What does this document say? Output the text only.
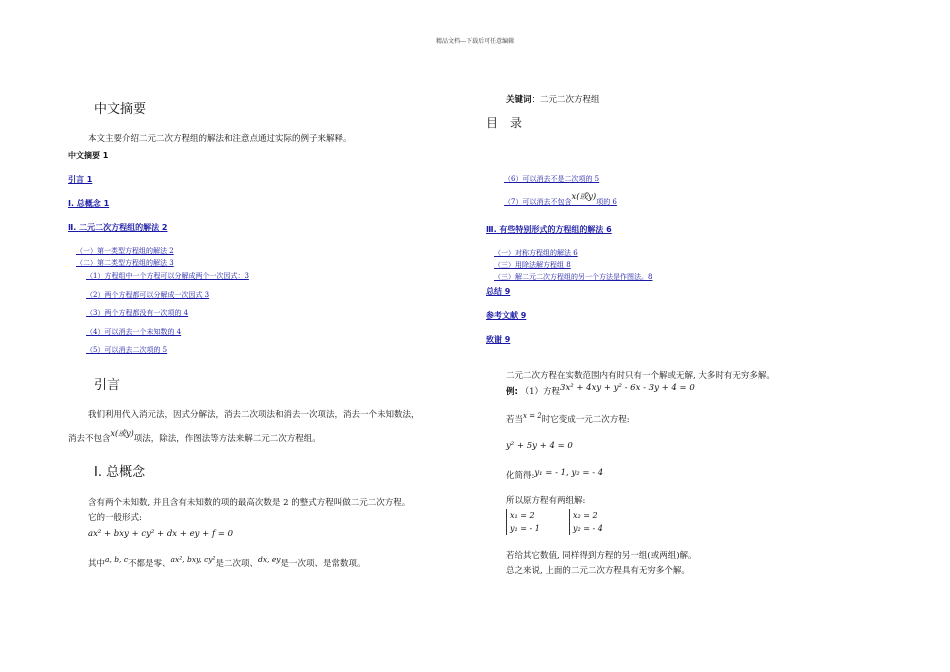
精品文档---下载后可任意编辑
中文摘要
本文主要介绍二元二次方程组的解法和注意点通过实际的例子来解释。
中文摘要 1
引言 1
Ⅰ. 总概念 1
Ⅱ. 二元二次方程组的解法 2
（一）第一类型方程组的解法 2
（二）第二类型方程组的解法 3
（1）方程组中一个方程可以分解成两个一次因式：3
（2）两个方程都可以分解成一次因式 3
（3）两个方程都没有一次项的 4
（4）可以消去一个未知数的 4
（5）可以消去二次项的 5
引言
我们利用代入消元法，因式分解法，消去二次项法和消去一次项法，消去一个未知数法，
消去不包含x(或y)项法，除法，作图法等方法来解二元二次方程组。
Ⅰ. 总概念
含有两个未知数, 并且含有未知数的项的最高次数是 2 的整式方程叫做二元二次方程。
它的一般形式:
ax² + bxy + cy² + dx + ey + f = 0
其中a, b, c不都是零、ax², bxy, cy²是二次项、dx, ey是一次项、是常数项。
关键词：二元二次方程组
目　录
（6）可以消去不是二次项的 5
（7）可以消去不包含x(或y)项的 6
Ⅲ. 有些特别形式的方程组的解法 6
（一）对称方程组的解法 6
（三）用除法解方程组 8
（三）解二元二次方程组的另一个方法是作图法。8
总结 9
参考文献 9
致谢 9
二元二次方程在实数范围内有时只有一个解或无解, 大多时有无穷多解。
例: （1）方程3x² + 4xy + y² - 6x - 3y + 4 = 0
若当$^{x = 2}$时它变成一元二次方程:
y² + 5y + 4 = 0
化简得:y₁ = - 1, y₂ = - 4
所以原方程有两组解:
x₁ = 2
y₁ = - 1
x₂ = 2
y₂ = - 4
若给其它数值, 同样得到方程的另一组(或两组)解。
总之来说, 上面的二元二次方程具有无穷多个解。
